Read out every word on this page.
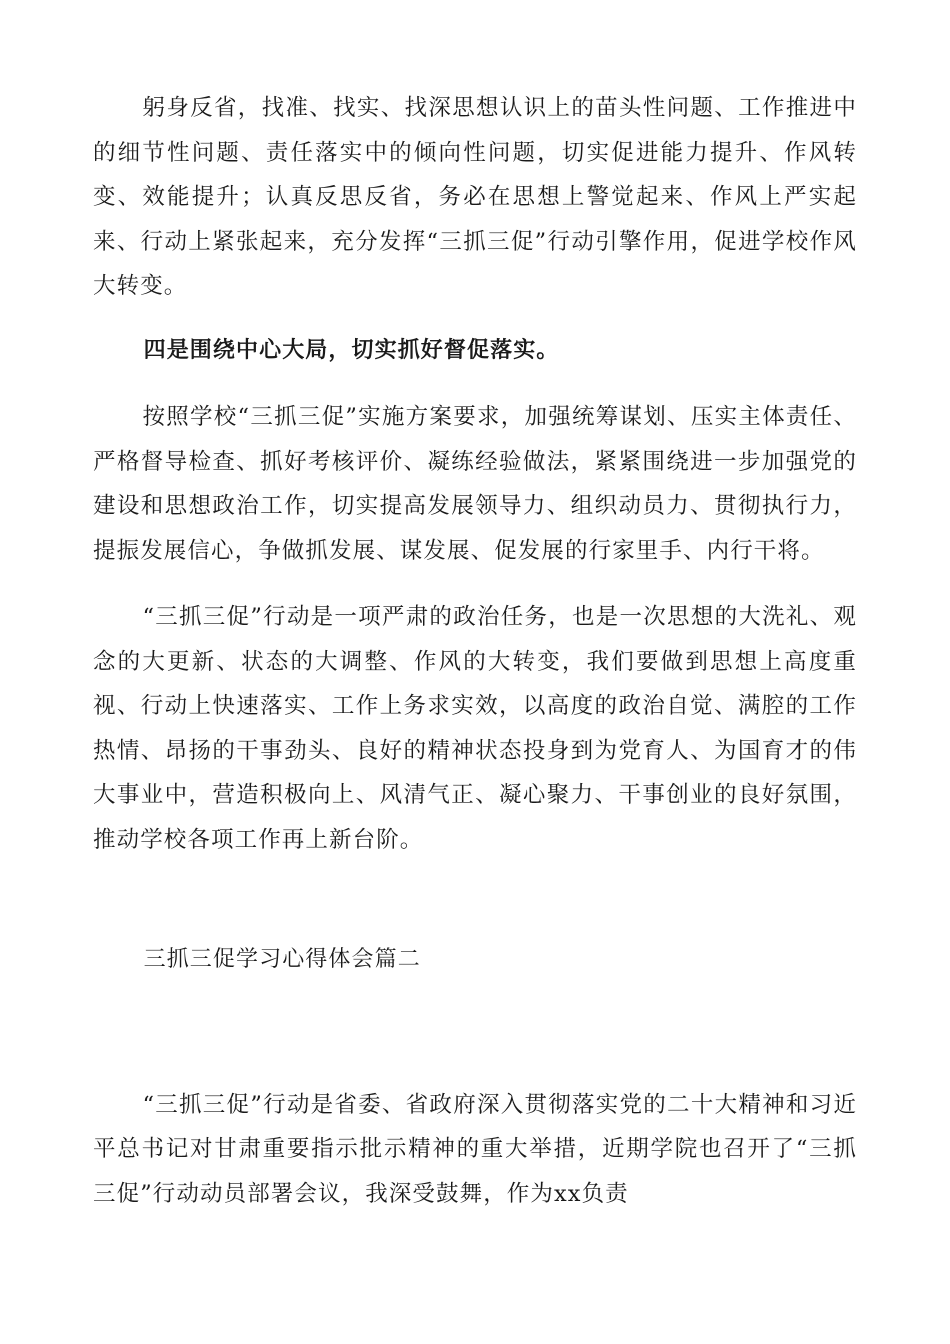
躬身反省，找准、找实、找深思想认识上的苗头性问题、工作推进中的细节性问题、责任落实中的倾向性问题，切实促进能力提升、作风转变、效能提升；认真反思反省，务必在思想上警觉起来、作风上严实起来、行动上紧张起来，充分发挥“三抓三促”行动引擎作用，促进学校作风大转变。

四是围绕中心大局，切实抓好督促落实。

按照学校“三抓三促”实施方案要求，加强统筹谋划、压实主体责任、严格督导检查、抓好考核评价、凝练经验做法，紧紧围绕进一步加强党的建设和思想政治工作，切实提高发展领导力、组织动员力、贯彻执行力，提振发展信心，争做抓发展、谋发展、促发展的行家里手、内行干将。

“三抓三促”行动是一项严肃的政治任务，也是一次思想的大洗礼、观念的大更新、状态的大调整、作风的大转变，我们要做到思想上高度重视、行动上快速落实、工作上务求实效，以高度的政治自觉、满腔的工作热情、昂扬的干事劲头、良好的精神状态投身到为党育人、为国育才的伟大事业中，营造积极向上、风清气正、凝心聚力、干事创业的良好氛围，推动学校各项工作再上新台阶。

三抓三促学习心得体会篇二

“三抓三促”行动是省委、省政府深入贯彻落实党的二十大精神和习近平总书记对甘肃重要指示批示精神的重大举措，近期学院也召开了“三抓三促”行动动员部署会议，我深受鼓舞，作为xx负责
